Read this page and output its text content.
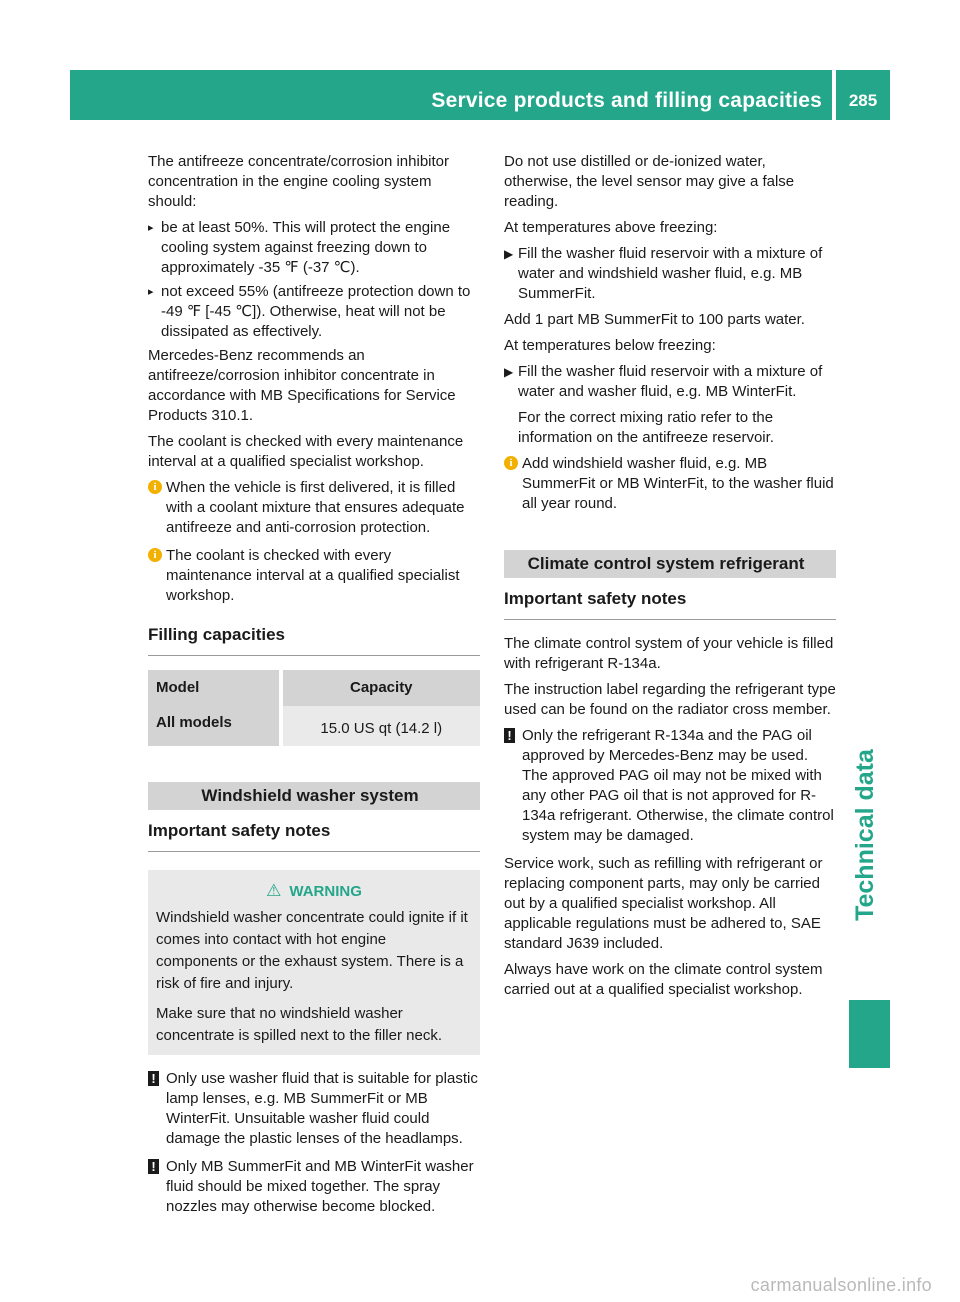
Service products and filling capacities	285
Technical data

The antifreeze concentrate/corrosion inhibitor concentration in the engine cooling system should:

▸ be at least 50%. This will protect the engine cooling system against freezing down to approximately -35 ℉ (-37 ℃).
▸ not exceed 55% (antifreeze protection down to -49 ℉ [-45 ℃]). Otherwise, heat will not be dissipated as effectively.

Mercedes-Benz recommends an antifreeze/corrosion inhibitor concentrate in accordance with MB Specifications for Service Products 310.1.

The coolant is checked with every maintenance interval at a qualified specialist workshop.

i When the vehicle is first delivered, it is filled with a coolant mixture that ensures adequate antifreeze and anti-corrosion protection.
i The coolant is checked with every maintenance interval at a qualified specialist workshop.
Filling capacities
Model	Capacity
All models	15.0 US qt (14.2 l)
Windshield washer system
Important safety notes
⚠ WARNING

Windshield washer concentrate could ignite if it comes into contact with hot engine components or the exhaust system. There is a risk of fire and injury.

Make sure that no windshield washer concentrate is spilled next to the filler neck.

! Only use washer fluid that is suitable for plastic lamp lenses, e.g. MB SummerFit or MB WinterFit. Unsuitable washer fluid could damage the plastic lenses of the headlamps.
! Only MB SummerFit and MB WinterFit washer fluid should be mixed together. The spray nozzles may otherwise become blocked.

Do not use distilled or de-ionized water, otherwise, the level sensor may give a false reading.

At temperatures above freezing:

▶ Fill the washer fluid reservoir with a mixture of water and windshield washer fluid, e.g. MB SummerFit.

Add 1 part MB SummerFit to 100 parts water.

At temperatures below freezing:

▶ Fill the washer fluid reservoir with a mixture of water and washer fluid, e.g. MB WinterFit.
For the correct mixing ratio refer to the information on the antifreeze reservoir.
i Add windshield washer fluid, e.g. MB SummerFit or MB WinterFit, to the washer fluid all year round.
Climate control system refrigerant
Important safety notes

The climate control system of your vehicle is filled with refrigerant R-134a.

The instruction label regarding the refrigerant type used can be found on the radiator cross member.

! Only the refrigerant R-134a and the PAG oil approved by Mercedes-Benz may be used. The approved PAG oil may not be mixed with any other PAG oil that is not approved for R-134a refrigerant. Otherwise, the climate control system may be damaged.

Service work, such as refilling with refrigerant or replacing component parts, may only be carried out by a qualified specialist workshop. All applicable regulations must be adhered to, SAE standard J639 included.

Always have work on the climate control system carried out at a qualified specialist workshop.

carmanualsonline.info
